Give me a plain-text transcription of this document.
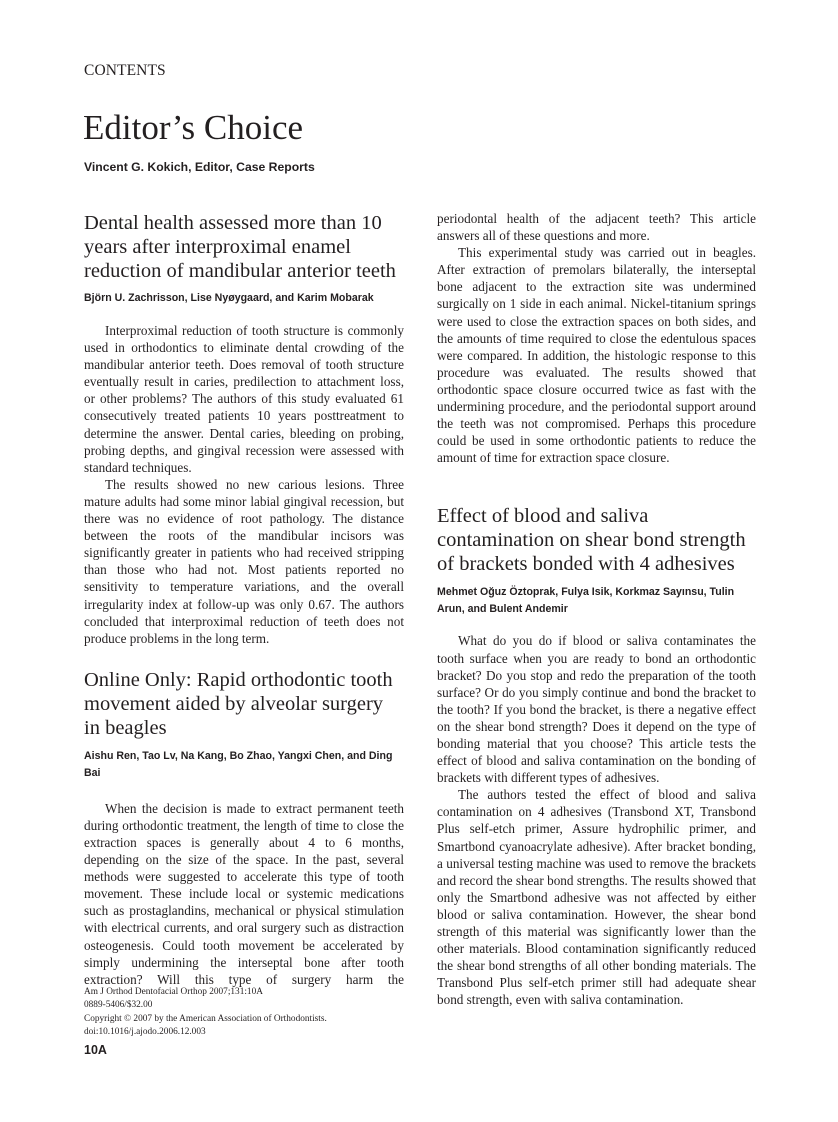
CONTENTS
Editor’s Choice
Vincent G. Kokich, Editor, Case Reports
Dental health assessed more than 10 years after interproximal enamel reduction of mandibular anterior teeth
Björn U. Zachrisson, Lise Nyøygaard, and Karim Mobarak

Interproximal reduction of tooth structure is commonly used in orthodontics to eliminate dental crowding of the mandibular anterior teeth. Does removal of tooth structure eventually result in caries, predilection to attachment loss, or other problems? The authors of this study evaluated 61 consecutively treated patients 10 years posttreatment to determine the answer. Dental caries, bleeding on probing, probing depths, and gingival recession were assessed with standard techniques.

The results showed no new carious lesions. Three mature adults had some minor labial gingival recession, but there was no evidence of root pathology. The distance between the roots of the mandibular incisors was significantly greater in patients who had received stripping than those who had not. Most patients reported no sensitivity to temperature variations, and the overall irregularity index at follow-up was only 0.67. The authors concluded that interproximal reduction of teeth does not produce problems in the long term.

Online Only: Rapid orthodontic tooth movement aided by alveolar surgery in beagles
Aishu Ren, Tao Lv, Na Kang, Bo Zhao, Yangxi Chen, and Ding Bai

When the decision is made to extract permanent teeth during orthodontic treatment, the length of time to close the extraction spaces is generally about 4 to 6 months, depending on the size of the space. In the past, several methods were suggested to accelerate this type of tooth movement. These include local or systemic medications such as prostaglandins, mechanical or physical stimulation with electrical currents, and oral surgery such as distraction osteogenesis. Could tooth movement be accelerated by simply undermining the interseptal bone after tooth extraction? Will this type of surgery harm the

periodontal health of the adjacent teeth? This article answers all of these questions and more.

This experimental study was carried out in beagles. After extraction of premolars bilaterally, the interseptal bone adjacent to the extraction site was undermined surgically on 1 side in each animal. Nickel-titanium springs were used to close the extraction spaces on both sides, and the amounts of time required to close the edentulous spaces were compared. In addition, the histologic response to this procedure was evaluated. The results showed that orthodontic space closure occurred twice as fast with the undermining procedure, and the periodontal support around the teeth was not compromised. Perhaps this procedure could be used in some orthodontic patients to reduce the amount of time for extraction space closure.

Effect of blood and saliva contamination on shear bond strength of brackets bonded with 4 adhesives
Mehmet Oğuz Öztoprak, Fulya Isik, Korkmaz Sayınsu, Tulin Arun, and Bulent Andemir

What do you do if blood or saliva contaminates the tooth surface when you are ready to bond an orthodontic bracket? Do you stop and redo the preparation of the tooth surface? Or do you simply continue and bond the bracket to the tooth? If you bond the bracket, is there a negative effect on the shear bond strength? Does it depend on the type of bonding material that you choose? This article tests the effect of blood and saliva contamination on the bonding of brackets with different types of adhesives.

The authors tested the effect of blood and saliva contamination on 4 adhesives (Transbond XT, Transbond Plus self-etch primer, Assure hydrophilic primer, and Smartbond cyanoacrylate adhesive). After bracket bonding, a universal testing machine was used to remove the brackets and record the shear bond strengths. The results showed that only the Smartbond adhesive was not affected by either blood or saliva contamination. However, the shear bond strength of this material was significantly lower than the other materials. Blood contamination significantly reduced the shear bond strengths of all other bonding materials. The Transbond Plus self-etch primer still had adequate shear bond strength, even with saliva contamination.

Am J Orthod Dentofacial Orthop 2007;131:10A
0889-5406/$32.00
Copyright © 2007 by the American Association of Orthodontists.
doi:10.1016/j.ajodo.2006.12.003
10A
